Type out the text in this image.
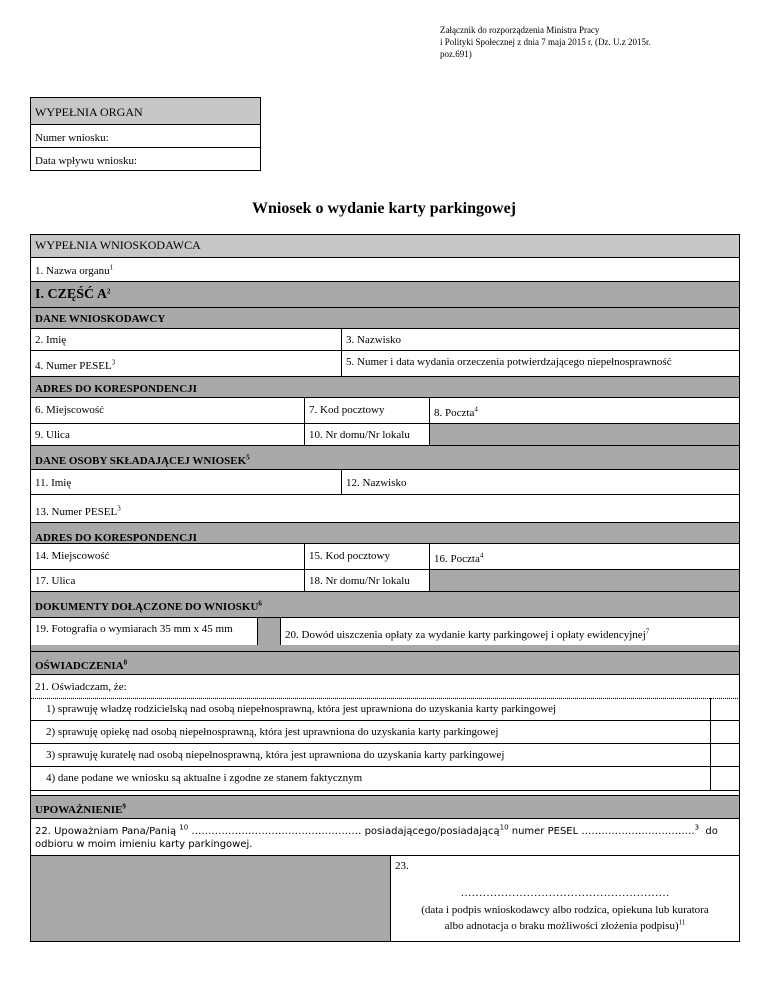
Załącznik do rozporządzenia Ministra Pracy
i Polityki Społecznej z dnia 7 maja 2015 r. (Dz. U.z 2015r.
poz.691)
WYPEŁNIA ORGAN
Numer wniosku:
Data wpływu wniosku:
Wniosek o wydanie karty parkingowej
WYPEŁNIA WNIOSKODAWCA
1. Nazwa organu$^1$
I. CZĘŚĆ $A^2$
DANE WNIOSKODAWCY
2. Imię	3. Nazwisko
4. Numer PESEL$^3$	5. Numer i data wydania orzeczenia potwierdzającego niepełnosprawność
ADRES DO KORESPONDENCJI
6. Miejscowość	7. Kod pocztowy	8. Poczta$^4$
9. Ulica	10. Nr domu/Nr lokalu
DANE OSOBY SKŁADAJĄCEJ WNIOSEK$^5$
11. Imię	12. Nazwisko
13. Numer PESEL$^3$
ADRES DO KORESPONDENCJI
14. Miejscowość	15. Kod pocztowy	16. Poczta$^4$
17. Ulica	18. Nr domu/Nr lokalu
DOKUMENTY DOŁĄCZONE DO WNIOSKU$^6$
19. Fotografia o wymiarach 35 mm x 45 mm	20. Dowód uiszczenia opłaty za wydanie karty parkingowej i opłaty ewidencyjnej$^7$
OŚWIADCZENIA$^8$
21. Oświadczam, że:
1) sprawuję władzę rodzicielską nad osobą niepełnosprawną, która jest uprawniona do uzyskania karty parkingowej
2) sprawuję opiekę nad osobą niepełnosprawną, która jest uprawniona do uzyskania karty parkingowej
3) sprawuję kuratelę nad osobą niepełnosprawną, która jest uprawniona do uzyskania karty parkingowej
4) dane podane we wniosku są aktualne i zgodne ze stanem faktycznym
UPOWAŻNIENIE$^9$
22. Upoważniam Pana/Panią $^{10}$ …………………………………………… posiadającego/posiadającą$^{10}$ numer PESEL …………………………….$^3$ do
odbioru w moim imieniu karty parkingowej.
23.
…………………………………………………
(data i podpis wnioskodawcy albo rodzica, opiekuna lub kuratora
albo adnotacja o braku możliwości złożenia podpisu)$^{11}$
